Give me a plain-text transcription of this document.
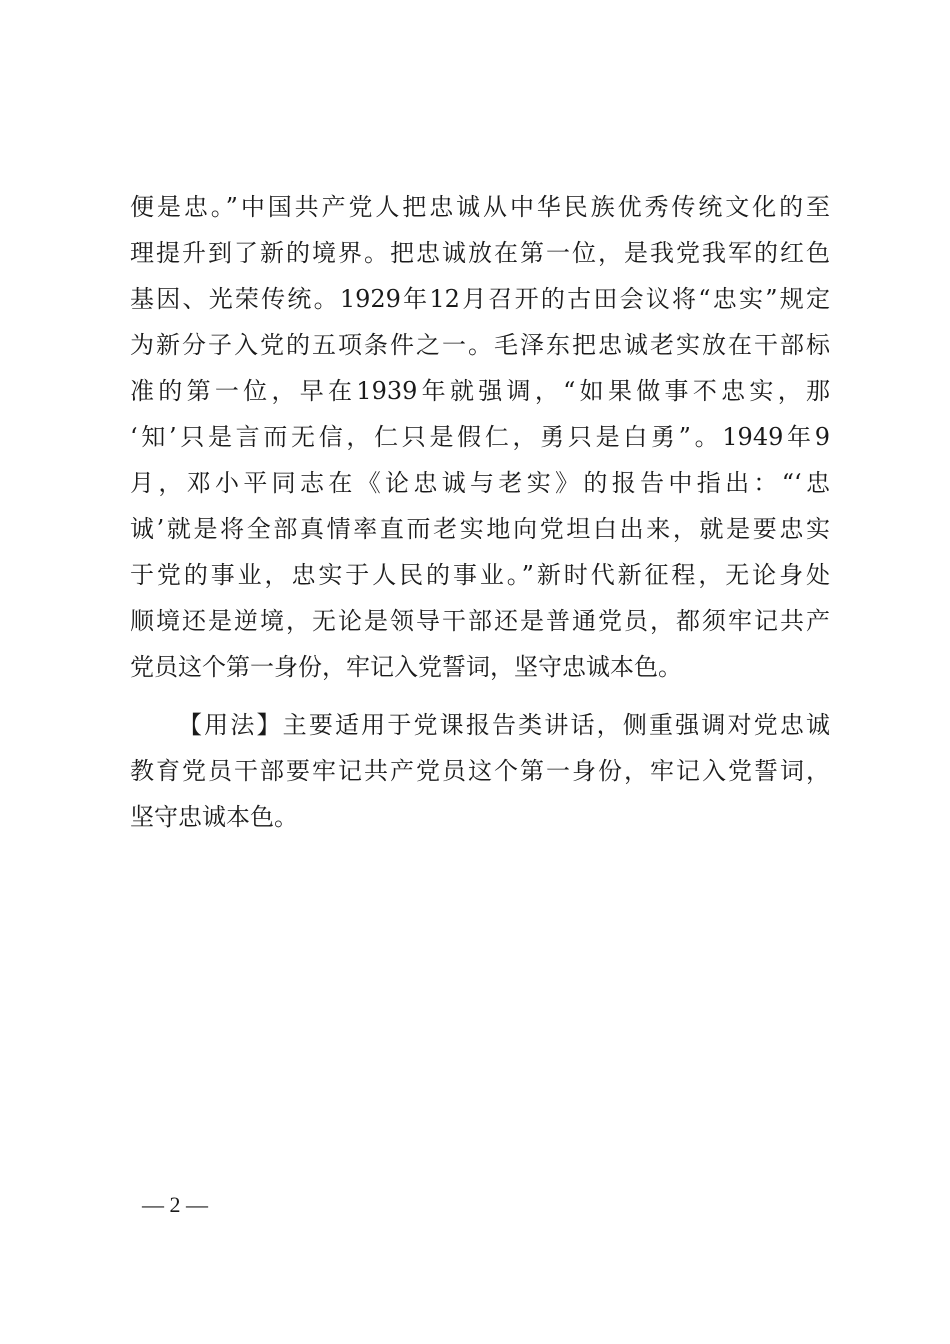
便是忠。”中国共产党人把忠诚从中华民族优秀传统文化的至
理提升到了新的境界。把忠诚放在第一位，是我党我军的红色
基因、光荣传统。1929年12月召开的古田会议将“忠实”规定
为新分子入党的五项条件之一。毛泽东把忠诚老实放在干部标
准的第一位，早在1939年就强调，“如果做事不忠实，那
‘知’只是言而无信，仁只是假仁，勇只是白勇”。1949年9
月，邓小平同志在《论忠诚与老实》的报告中指出：“‘忠
诚’就是将全部真情率直而老实地向党坦白出来，就是要忠实
于党的事业，忠实于人民的事业。”新时代新征程，无论身处
顺境还是逆境，无论是领导干部还是普通党员，都须牢记共产
党员这个第一身份，牢记入党誓词，坚守忠诚本色。
【用法】主要适用于党课报告类讲话，侧重强调对党忠诚
教育党员干部要牢记共产党员这个第一身份，牢记入党誓词，
坚守忠诚本色。
— 2 —
